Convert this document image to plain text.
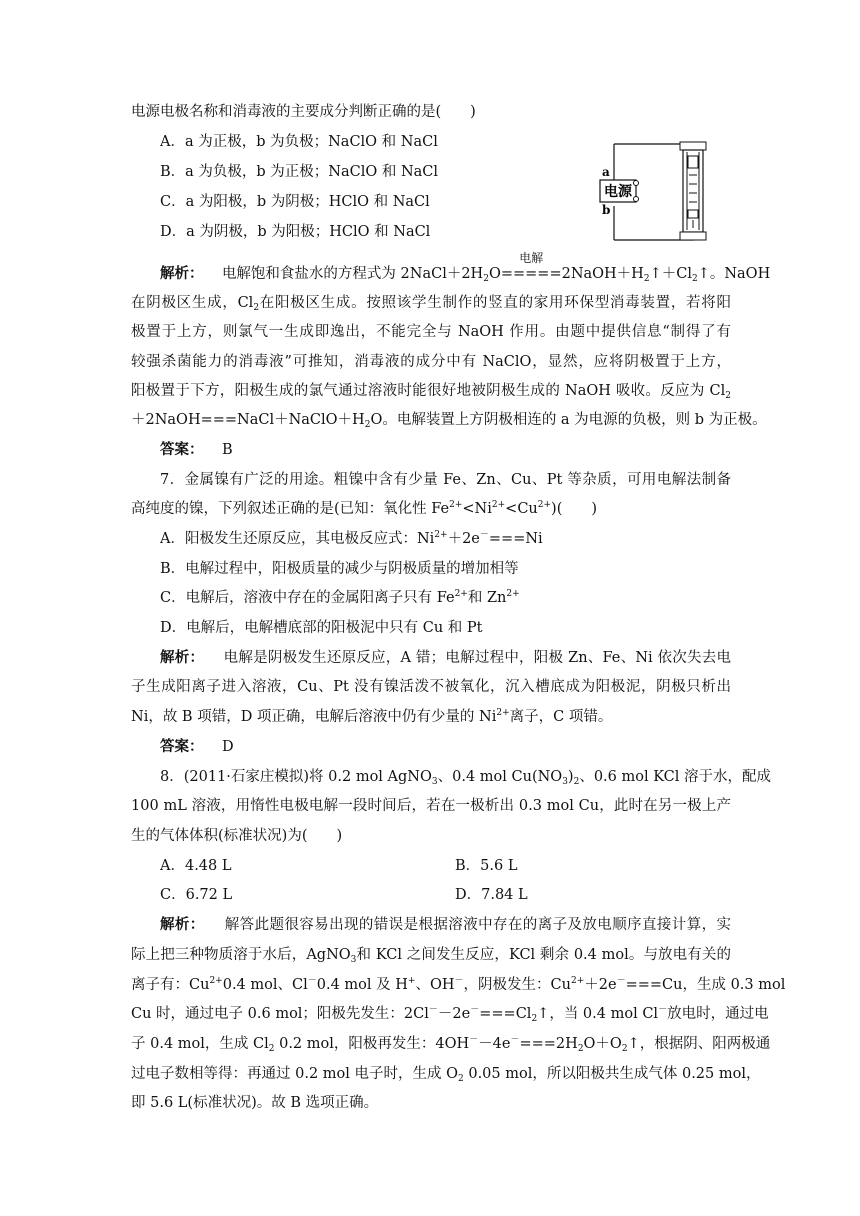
电源电极名称和消毒液的主要成分判断正确的是(　　)
A．a 为正极，b 为负极；NaClO 和 NaCl
B．a 为负极，b 为正极；NaClO 和 NaCl
C．a 为阳极，b 为阴极；HClO 和 NaCl
D．a 为阴极，b 为阳极；HClO 和 NaCl
电源
a
b
解析： 电解饱和食盐水的方程式为 $2NaCl+2H_2O$
电解
$=====2NaOH+H_2↑+Cl_2↑$。NaOH
在阴极区生成，$Cl_2$在阳极区生成。按照该学生制作的竖直的家用环保型消毒装置，若将阳
极置于上方，则氯气一生成即逸出，不能完全与 NaOH 作用。由题中提供信息“制得了有
较强杀菌能力的消毒液”可推知，消毒液的成分中有 NaClO，显然，应将阴极置于上方，
阳极置于下方，阳极生成的氯气通过溶液时能很好地被阴极生成的 NaOH 吸收。反应为 $Cl_2$
$+2NaOH===NaCl+NaClO+H_2O$。电解装置上方阴极相连的 a 为电源的负极，则 b 为正极。
答案： B
7．金属镍有广泛的用途。粗镍中含有少量 Fe、Zn、Cu、Pt 等杂质，可用电解法制备
高纯度的镍，下列叙述正确的是(已知：氧化性 $Fe^{2+}<Ni^{2+}<Cu^{2+}$)(　　)
A．阳极发生还原反应，其电极反应式：$Ni^{2+}+2e^-===Ni$
B．电解过程中，阳极质量的减少与阴极质量的增加相等
C．电解后，溶液中存在的金属阳离子只有 $Fe^{2+}$和 $Zn^{2+}$
D．电解后，电解槽底部的阳极泥中只有 Cu 和 Pt
解析： 电解是阴极发生还原反应，A 错；电解过程中，阳极 Zn、Fe、Ni 依次失去电
子生成阳离子进入溶液，Cu、Pt 没有镍活泼不被氧化，沉入槽底成为阳极泥，阴极只析出
Ni，故 B 项错，D 项正确，电解后溶液中仍有少量的 $Ni^{2+}$离子，C 项错。
答案： D
8．(2011·石家庄模拟)将 0.2 mol AgNO$_3$、0.4 mol $Cu(NO_3)_2$、0.6 mol KCl 溶于水，配成
100 mL 溶液，用惰性电极电解一段时间后，若在一极析出 0.3 mol Cu，此时在另一极上产
生的气体体积(标准状况)为(　　)
A．4.48 L	B．5.6 L
C．6.72 L	D．7.84 L
解析： 解答此题很容易出现的错误是根据溶液中存在的离子及放电顺序直接计算，实
际上把三种物质溶于水后，AgNO$_3$和 KCl 之间发生反应，KCl 剩余 0.4 mol。与放电有关的
离子有：$Cu^{2+}0.4$ mol、Cl－0.4 mol 及 H+、OH－，阴极发生：$Cu^{2+}+2e^-===Cu$，生成 0.3 mol
Cu 时，通过电子 0.6 mol；阳极先发生：$2Cl^--2e^-===Cl_2↑$，当 0.4 mol Cl－放电时，通过电
子 0.4 mol，生成 $Cl_2$ 0.2 mol，阳极再发生：$4OH^--4e^-===2H_2O+O_2↑$，根据阴、阳两极通
过电子数相等得：再通过 0.2 mol 电子时，生成 $O_2$ 0.05 mol，所以阳极共生成气体 0.25 mol，
即 5.6 L(标准状况)。故 B 选项正确。
